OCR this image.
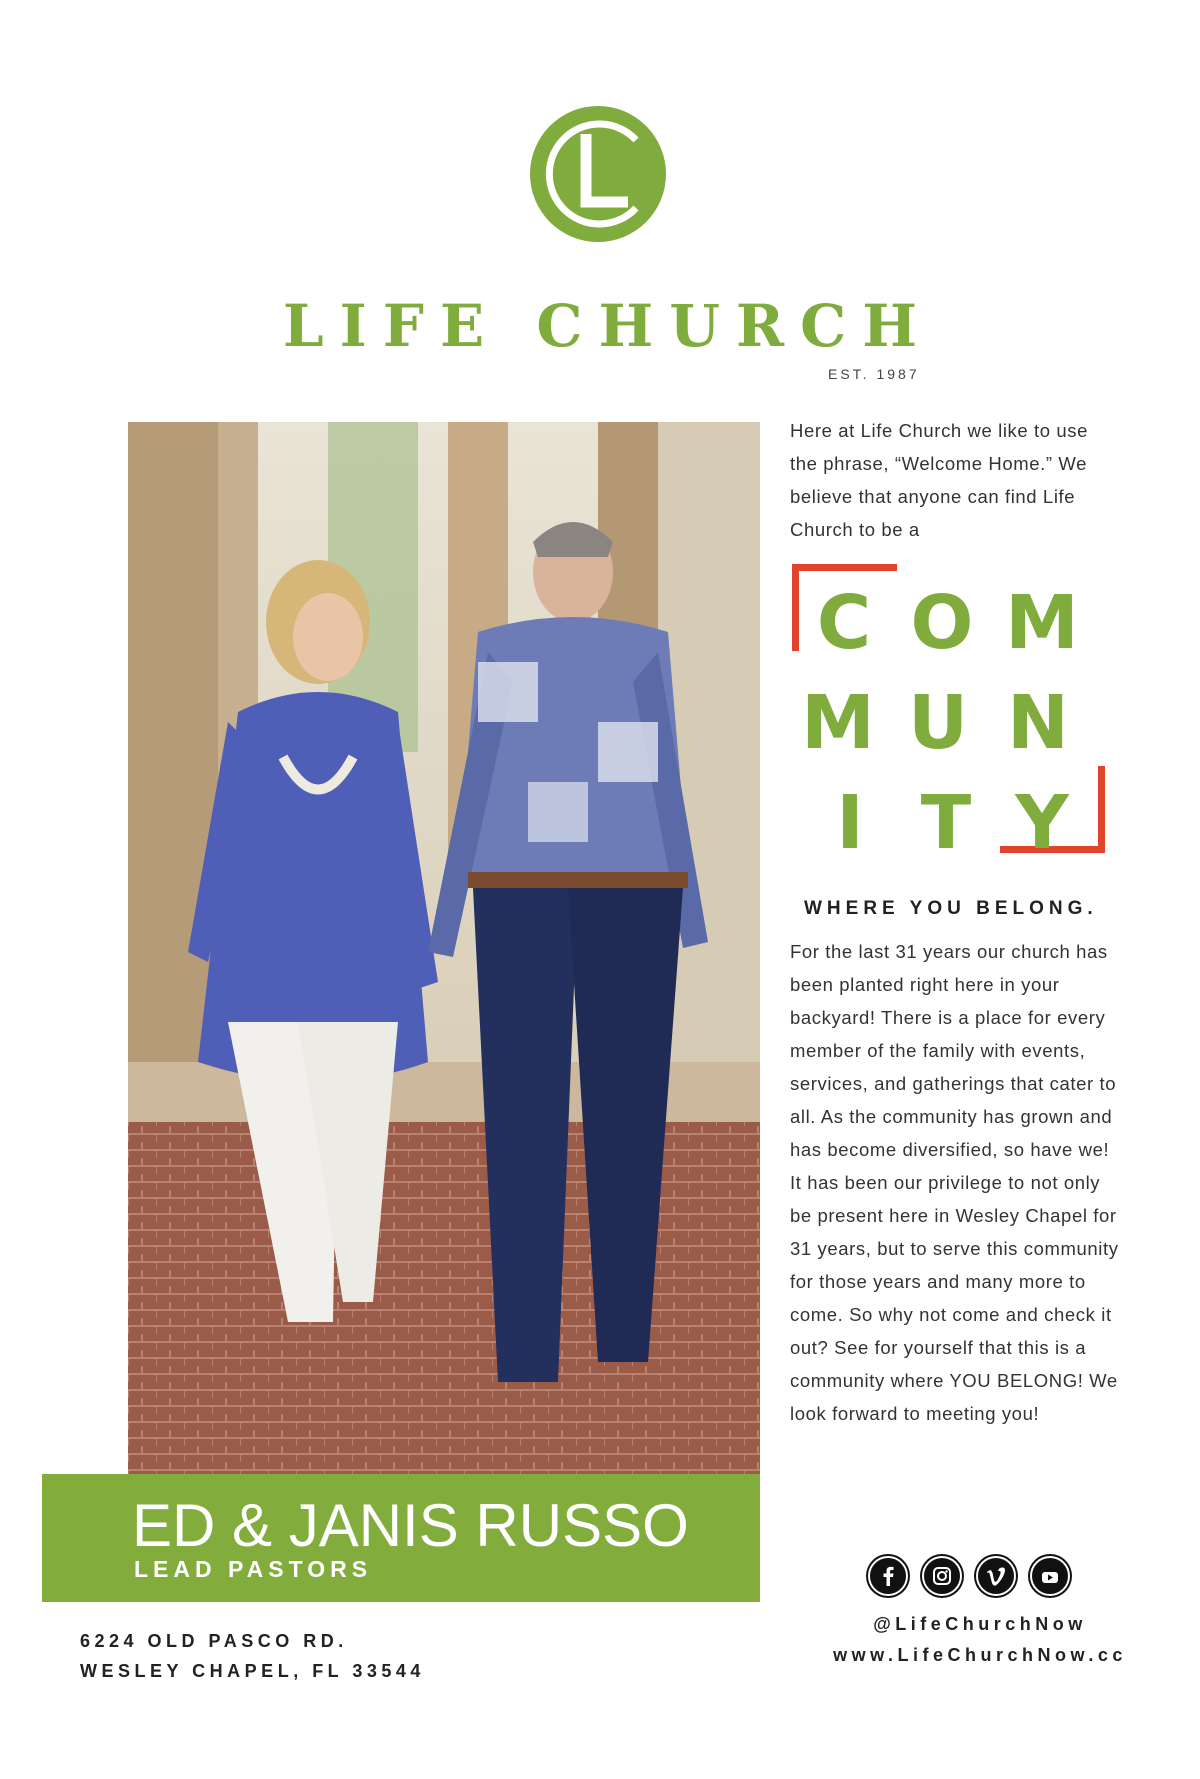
LIFE CHURCH
EST. 1987

Here at Life Church we like to use the phrase, “Welcome Home.” We believe that anyone can find Life Church to be a

C O M
M U N
I T Y
WHERE YOU BELONG.

For the last 31 years our church has been planted right here in your backyard! There is a place for every member of the family with events, services, and gatherings that cater to all. As the community has grown and has become diversified, so have we! It has been our privilege to not only be present here in Wesley Chapel for 31 years, but to serve this community for those years and many more to come. So why not come and check it out? See for yourself that this is a community where YOU BELONG! We look forward to meeting you!

ED & JANIS RUSSO
LEAD PASTORS
6224 OLD PASCO RD.
WESLEY CHAPEL, FL 33544
@LifeChurchNow
www.LifeChurchNow.cc
